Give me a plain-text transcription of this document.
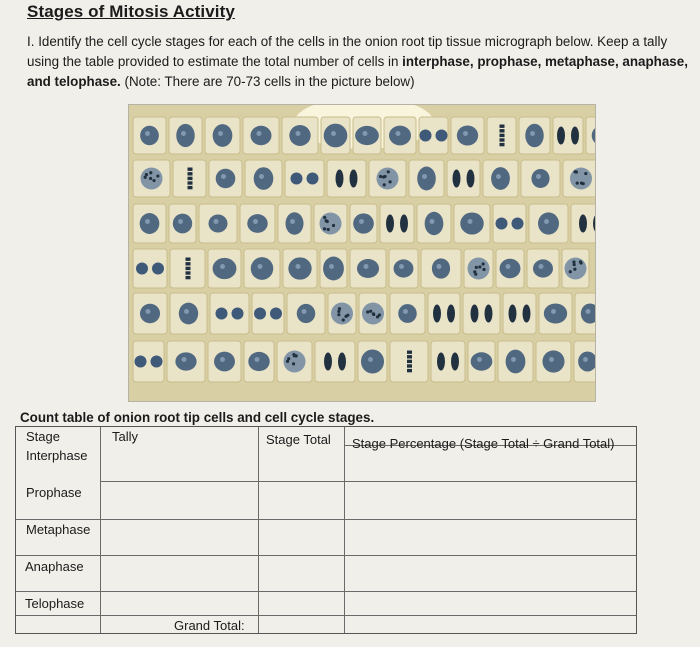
Stages of Mitosis Activity
I. Identify the cell cycle stages for each of the cells in the onion root tip tissue micrograph below. Keep a tally using the table provided to estimate the total number of cells in interphase, prophase, metaphase, anaphase, and telophase. (Note: There are 70-73 cells in the picture below)
Count table of onion root tip cells and cell cycle stages.
Stage	Tally	Stage Total Stage Percentage (Stage Total ÷ Grand Total)
Interphase
Prophase
Metaphase
Anaphase
Telophase
Grand Total:
